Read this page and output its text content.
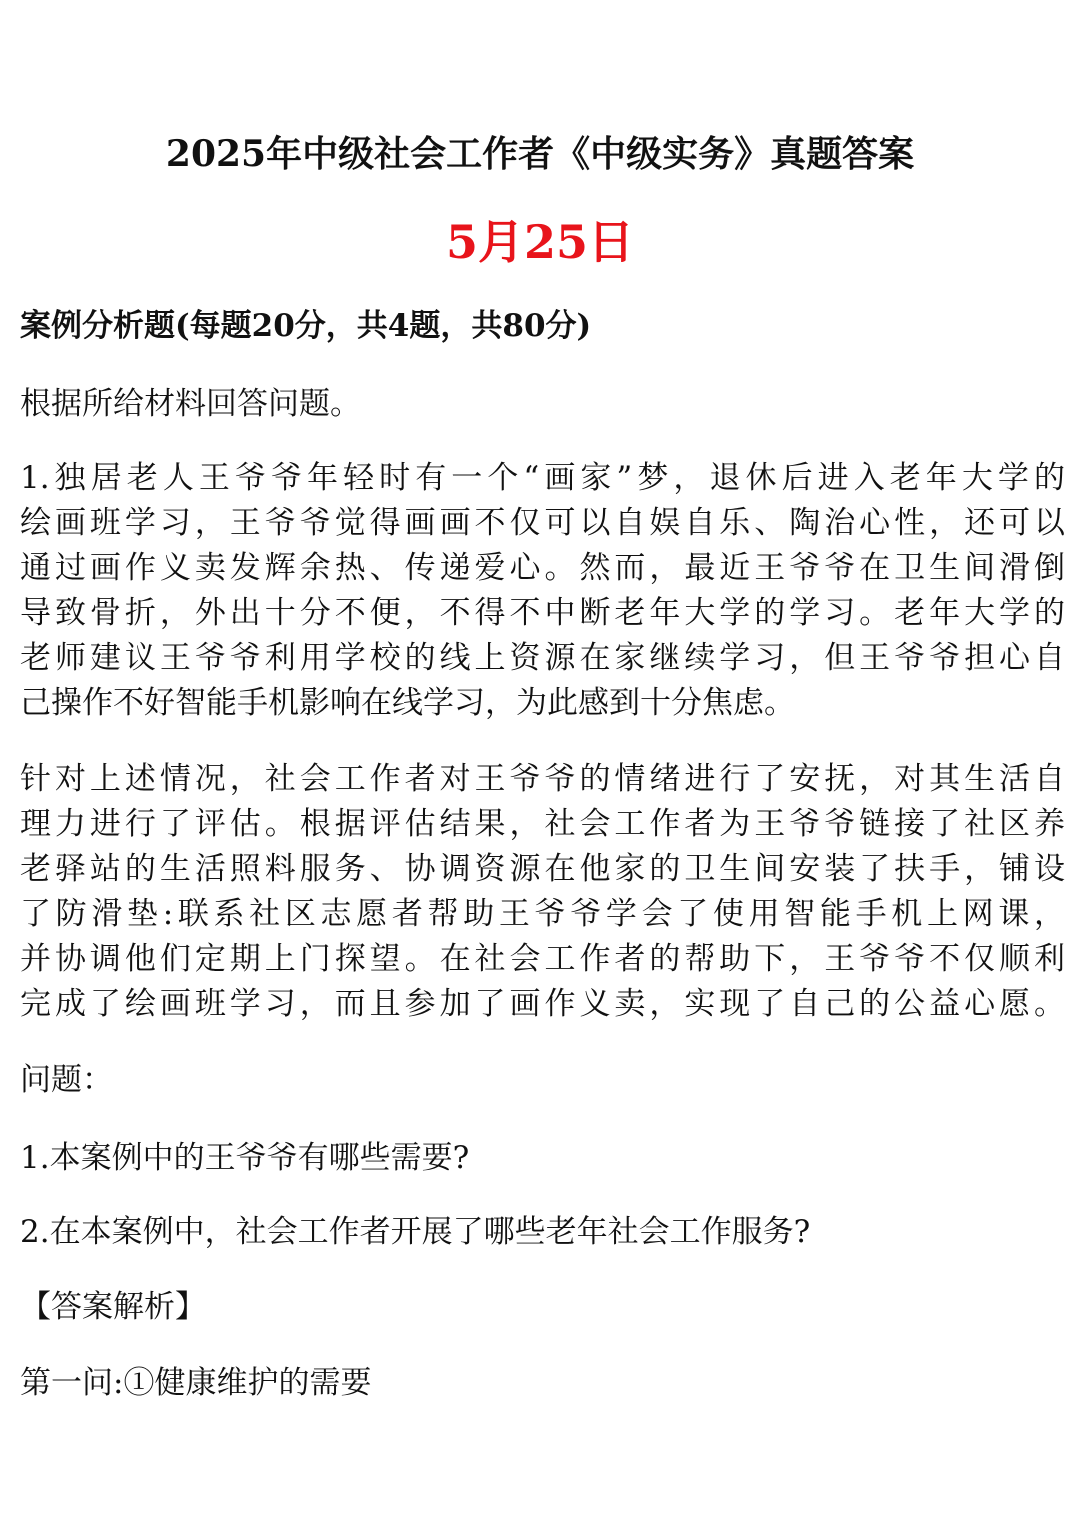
2025年中级社会工作者《中级实务》真题答案
5月25日
案例分析题(每题20分，共4题，共80分)
根据所给材料回答问题。
1.独居老人王爷爷年轻时有一个“画家”梦，退休后进入老年大学的
绘画班学习，王爷爷觉得画画不仅可以自娱自乐、陶治心性，还可以
通过画作义卖发辉余热、传递爱心。然而，最近王爷爷在卫生间滑倒
导致骨折，外出十分不便，不得不中断老年大学的学习。老年大学的
老师建议王爷爷利用学校的线上资源在家继续学习，但王爷爷担心自
己操作不好智能手机影响在线学习，为此感到十分焦虑。
针对上述情况，社会工作者对王爷爷的情绪进行了安抚，对其生活自
理力进行了评估。根据评估结果，社会工作者为王爷爷链接了社区养
老驿站的生活照料服务、协调资源在他家的卫生间安装了扶手，铺设
了防滑垫:联系社区志愿者帮助王爷爷学会了使用智能手机上网课，
并协调他们定期上门探望。在社会工作者的帮助下，王爷爷不仅顺利
完成了绘画班学习，而且参加了画作义卖，实现了自己的公益心愿。
问题：
1.本案例中的王爷爷有哪些需要?
2.在本案例中，社会工作者开展了哪些老年社会工作服务?
【答案解析】
第一问:①健康维护的需要
